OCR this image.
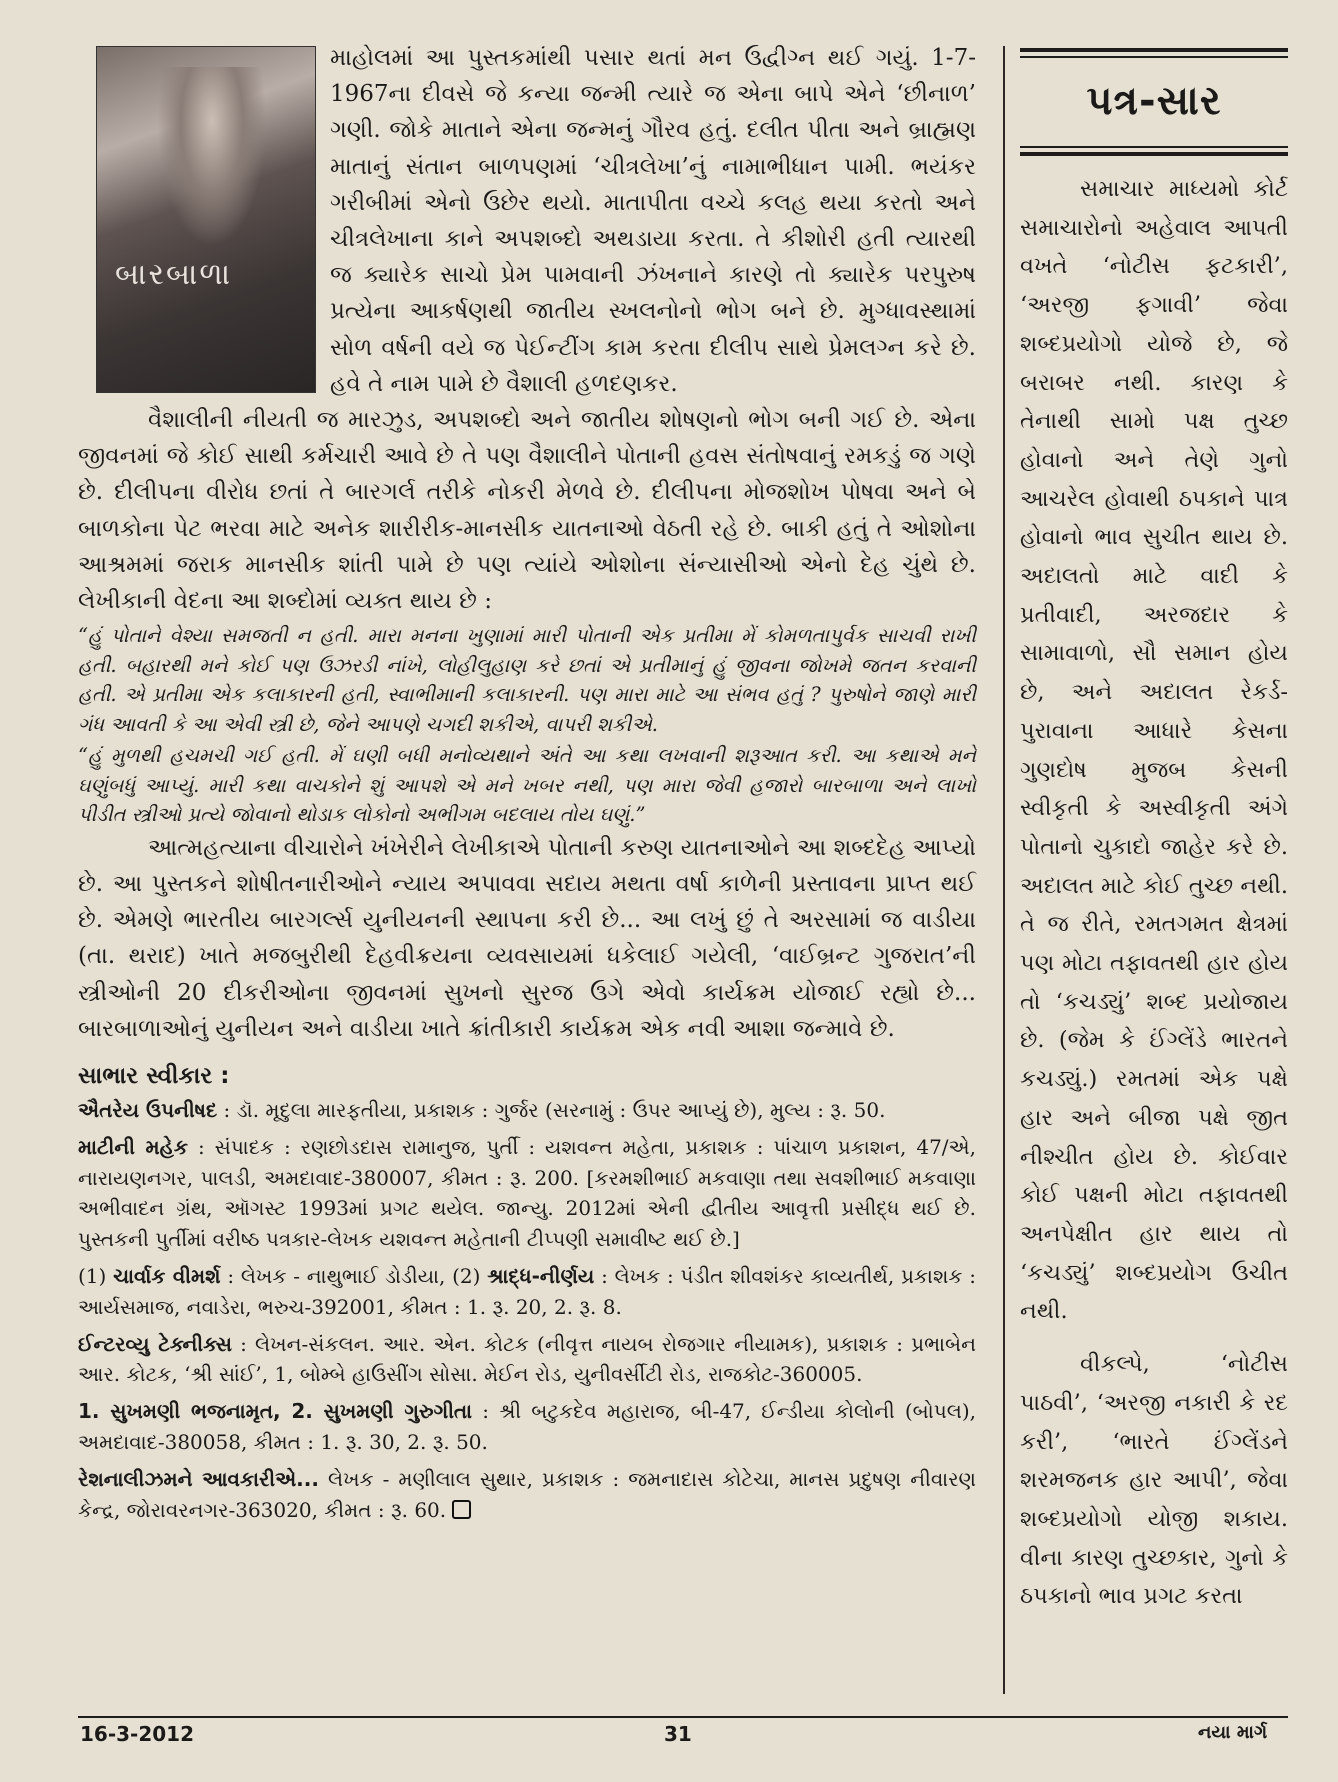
બારબાળા

માહોલમાં આ પુસ્તકમાંથી પસાર થતાં મન ઉદ્વીગ્ન થઈ ગયું. 1-7-1967ના દીવસે જે કન્યા જન્મી ત્યારે જ એના બાપે એને ‘છીનાળ’ ગણી. જોકે માતાને એના જન્મનું ગૌરવ હતું. દલીત પીતા અને બ્રાહ્મણ માતાનું સંતાન બાળપણમાં ‘ચીત્રલેખા’નું નામાભીધાન પામી. ભયંકર ગરીબીમાં એનો ઉછેર થયો. માતાપીતા વચ્ચે કલહ થયા કરતો અને ચીત્રલેખાના કાને અપશબ્દો અથડાયા કરતા. તે કીશોરી હતી ત્યારથી જ ક્યારેક સાચો પ્રેમ પામવાની ઝંખનાને કારણે તો ક્યારેક પરપુરુષ પ્રત્યેના આકર્ષણથી જાતીય સ્ખલનોનો ભોગ બને છે. મુગ્ધાવસ્થામાં સોળ વર્ષની વયે જ પેઈન્ટીંગ કામ કરતા દીલીપ સાથે પ્રેમલગ્ન કરે છે. હવે તે નામ પામે છે વૈશાલી હળદણકર.

વૈશાલીની નીયતી જ મારઝુડ, અપશબ્દો અને જાતીય શોષણનો ભોગ બની ગઈ છે. એના જીવનમાં જે કોઈ સાથી કર્મચારી આવે છે તે પણ વૈશાલીને પોતાની હવસ સંતોષવાનું રમકડું જ ગણે છે. દીલીપના વીરોધ છતાં તે બારગર્લ તરીકે નોકરી મેળવે છે. દીલીપના મોજશોખ પોષવા અને બે બાળકોના પેટ ભરવા માટે અનેક શારીરીક-માનસીક યાતનાઓ વેઠતી રહે છે. બાકી હતું તે ઓશોના આશ્રમમાં જરાક માનસીક શાંતી પામે છે પણ ત્યાંયે ઓશોના સંન્યાસીઓ એનો દેહ ચુંથે છે. લેખીકાની વેદના આ શબ્દોમાં વ્યક્ત થાય છે :

“હું પોતાને વેશ્યા સમજતી ન હતી. મારા મનના ખુણામાં મારી પોતાની એક પ્રતીમા મેં કોમળતાપુર્વક સાચવી રાખી હતી. બહારથી મને કોઈ પણ ઉઝરડી નાંખે, લોહીલુહાણ કરે છતાં એ પ્રતીમાનું હું જીવના જોખમે જતન કરવાની હતી. એ પ્રતીમા એક કલાકારની હતી, સ્વાભીમાની કલાકારની. પણ મારા માટે આ સંભવ હતું ? પુરુષોને જાણે મારી ગંધ આવતી કે આ એવી સ્ત્રી છે, જેને આપણે ચગદી શકીએ, વાપરી શકીએ.

“હું મુળથી હચમચી ગઈ હતી. મેં ઘણી બધી મનોવ્યથાને અંતે આ કથા લખવાની શરૂઆત કરી. આ કથાએ મને ઘણુંબધું આપ્યું. મારી કથા વાચકોને શું આપશે એ મને ખબર નથી, પણ મારા જેવી હજારો બારબાળા અને લાખો પીડીત સ્ત્રીઓ પ્રત્યે જોવાનો થોડાક લોકોનો અભીગમ બદલાય તોય ઘણું.”

આત્મહત્યાના વીચારોને ખંખેરીને લેખીકાએ પોતાની કરુણ યાતનાઓને આ શબ્દદેહ આપ્યો છે. આ પુસ્તકને શોષીતનારીઓને ન્યાય અપાવવા સદાય મથતા વર્ષા કાળેની પ્રસ્તાવના પ્રાપ્ત થઈ છે. એમણે ભારતીય બારગર્લ્સ યુનીયનની સ્થાપના કરી છે... આ લખું છું તે અરસામાં જ વાડીયા (તા. થરાદ) ખાતે મજબુરીથી દેહવીક્રયના વ્યવસાયમાં ધકેલાઈ ગયેલી, ‘વાઈબ્રન્ટ ગુજરાત’ની સ્ત્રીઓની 20 દીકરીઓના જીવનમાં સુખનો સુરજ ઉગે એવો કાર્યક્રમ યોજાઈ રહ્યો છે... બારબાળાઓનું યુનીયન અને વાડીયા ખાતે ક્રાંતીકારી કાર્યક્રમ એક નવી આશા જન્માવે છે.

સાભાર સ્વીકાર :

ઐતરેય ઉપનીષદ : ડૉ. મૃદુલા મારફતીયા, પ્રકાશક : ગુર્જર (સરનામું : ઉપર આપ્યું છે), મુલ્ય : રૂ. 50.

માટીની મહેક : સંપાદક : રણછોડદાસ રામાનુજ, પુર્તી : યશવન્ત મહેતા, પ્રકાશક : પાંચાળ પ્રકાશન, 47/એ, નારાયણનગર, પાલડી, અમદાવાદ-380007, કીમત : રૂ. 200. [કરમશીભાઈ મકવાણા તથા સવશીભાઈ મકવાણા અભીવાદન ગ્રંથ, ઑગસ્ટ 1993માં પ્રગટ થયેલ. જાન્યુ. 2012માં એની દ્વીતીય આવૃત્તી પ્રસીદ્ધ થઈ છે. પુસ્તકની પુર્તીમાં વરીષ્ઠ પત્રકાર-લેખક યશવન્ત મહેતાની ટીપ્પણી સમાવીષ્ટ થઈ છે.]

(1) ચાર્વાક વીમર્શ : લેખક - નાથુભાઈ ડોડીયા, (2) શ્રાદ્ધ-નીર્ણય : લેખક : પંડીત શીવશંકર કાવ્યતીર્થ, પ્રકાશક : આર્યસમાજ, નવાડેરા, ભરુચ-392001, કીમત : 1. રૂ. 20, 2. રૂ. 8.

ઈન્ટરવ્યુ ટેક્નીક્સ : લેખન-સંકલન. આર. એન. કોટક (નીવૃત્ત નાયબ રોજગાર નીયામક), પ્રકાશક : પ્રભાબેન આર. કોટક, ‘શ્રી સાંઈ’, 1, બોમ્બે હાઉસીંગ સોસા. મેઈન રોડ, યુનીવર્સીટી રોડ, રાજકોટ-360005.

1. સુખમણી ભજનામૃત, 2. સુખમણી ગુરુગીતા : શ્રી બટુકદેવ મહારાજ, બી-47, ઈન્ડીયા કોલોની (બોપલ), અમદાવાદ-380058, કીમત : 1. રૂ. 30, 2. રૂ. 50.

રેશનાલીઝમને આવકારીએ... લેખક - મણીલાલ સુથાર, પ્રકાશક : જમનાદાસ કોટેચા, માનસ પ્રદુષણ નીવારણ કેન્દ્ર, જોરાવરનગર-363020, કીમત : રૂ. 60.

પત્ર-સાર

સમાચાર માધ્યમો કોર્ટ સમાચારોનો અહેવાલ આપતી વખતે ‘નોટીસ ફટકારી’, ‘અરજી ફગાવી’ જેવા શબ્દપ્રયોગો યોજે છે, જે બરાબર નથી. કારણ કે તેનાથી સામો પક્ષ તુચ્છ હોવાનો અને તેણે ગુનો આચરેલ હોવાથી ઠપકાને પાત્ર હોવાનો ભાવ સુચીત થાય છે. અદાલતો માટે વાદી કે પ્રતીવાદી, અરજદાર કે સામાવાળો, સૌ સમાન હોય છે, અને અદાલત રેકર્ડ-પુરાવાના આધારે કેસના ગુણદોષ મુજબ કેસની સ્વીકૃતી કે અસ્વીકૃતી અંગે પોતાનો ચુકાદો જાહેર કરે છે. અદાલત માટે કોઈ તુચ્છ નથી. તે જ રીતે, રમતગમત ક્ષેત્રમાં પણ મોટા તફાવતથી હાર હોય તો ‘કચડ્યું’ શબ્દ પ્રયોજાય છે. (જેમ કે ઈંગ્લેંડે ભારતને કચડ્યું.) રમતમાં એક પક્ષે હાર અને બીજા પક્ષે જીત નીશ્ચીત હોય છે. કોઈવાર કોઈ પક્ષની મોટા તફાવતથી અનપેક્ષીત હાર થાય તો ‘કચડ્યું’ શબ્દપ્રયોગ ઉચીત નથી.

વીકલ્પે, ‘નોટીસ પાઠવી’, ‘અરજી નકારી કે રદ કરી’, ‘ભારતે ઈંગ્લેંડને શરમજનક હાર આપી’, જેવા શબ્દપ્રયોગો યોજી શકાય. વીના કારણ તુચ્છકાર, ગુનો કે ઠપકાનો ભાવ પ્રગટ કરતા

16-3-2012	31	નયા માર્ગ
